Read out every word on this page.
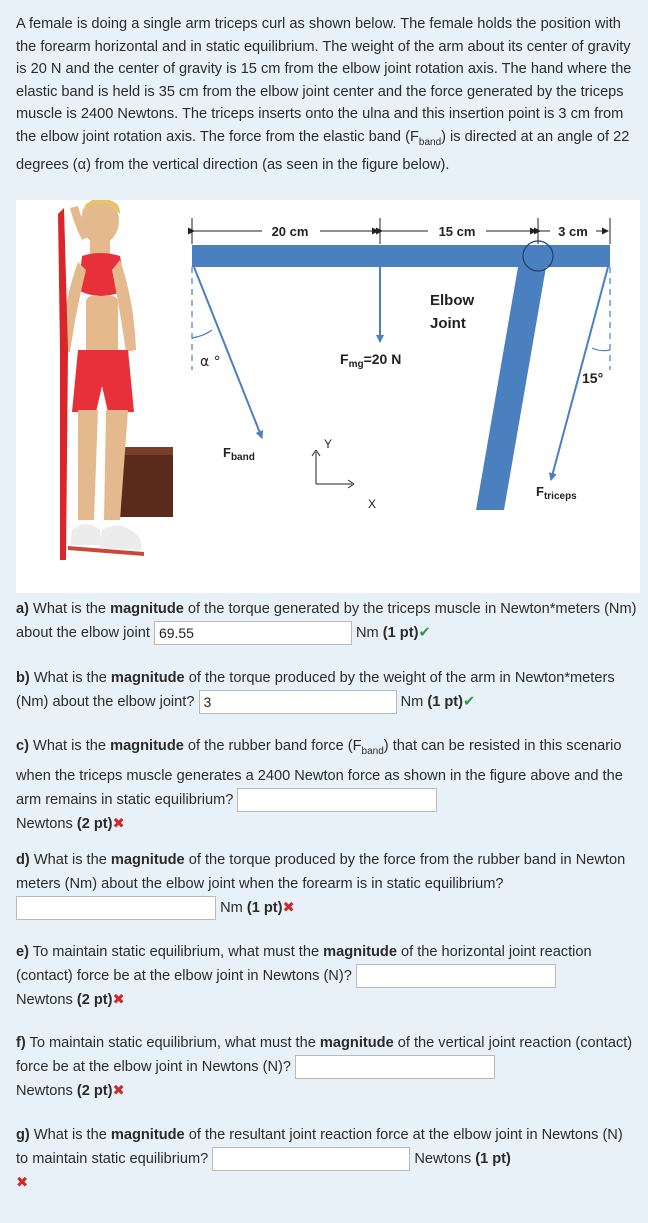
A female is doing a single arm triceps curl as shown below. The female holds the position with the forearm horizontal and in static equilibrium. The weight of the arm about its center of gravity is 20 N and the center of gravity is 15 cm from the elbow joint rotation axis. The hand where the elastic band is held is 35 cm from the elbow joint center and the force generated by the triceps muscle is 2400 Newtons. The triceps inserts onto the ulna and this insertion point is 3 cm from the elbow joint rotation axis. The force from the elastic band $(F_{band})$ is directed at an angle of 22 degrees (α) from the vertical direction (as seen in the figure below).
20 cm	15 cm	3 cm
Elbow
Joint
α °	$F_{mg}=20$ N
15°
$F_{band}$
$F_{triceps}$
Y
X
a) What is the magnitude of the torque generated by the triceps muscle in Newton*meters (Nm) about the elbow joint 69.55	Nm (1 pt)✔
b) What is the magnitude of the torque produced by the weight of the arm in Newton*meters (Nm) about the elbow joint? 3	Nm (1 pt)✔
c) What is the magnitude of the rubber band force $(F_{band})$ that can be resisted in this scenario when the triceps muscle generates a 2400 Newton force as shown in the figure above and the arm remains in static equilibrium?
Newtons (2 pt)✖
d) What is the magnitude of the torque produced by the force from the rubber band in Newton meters (Nm) about the elbow joint when the forearm is in static equilibrium?
Nm (1 pt)✖
e) To maintain static equilibrium, what must the magnitude of the horizontal joint reaction (contact) force be at the elbow joint in Newtons (N)?
Newtons (2 pt)✖
f) To maintain static equilibrium, what must the magnitude of the vertical joint reaction (contact) force be at the elbow joint in Newtons (N)?
Newtons (2 pt)✖
g) What is the magnitude of the resultant joint reaction force at the elbow joint in Newtons (N) to maintain static equilibrium?	Newtons (1 pt)
✖
